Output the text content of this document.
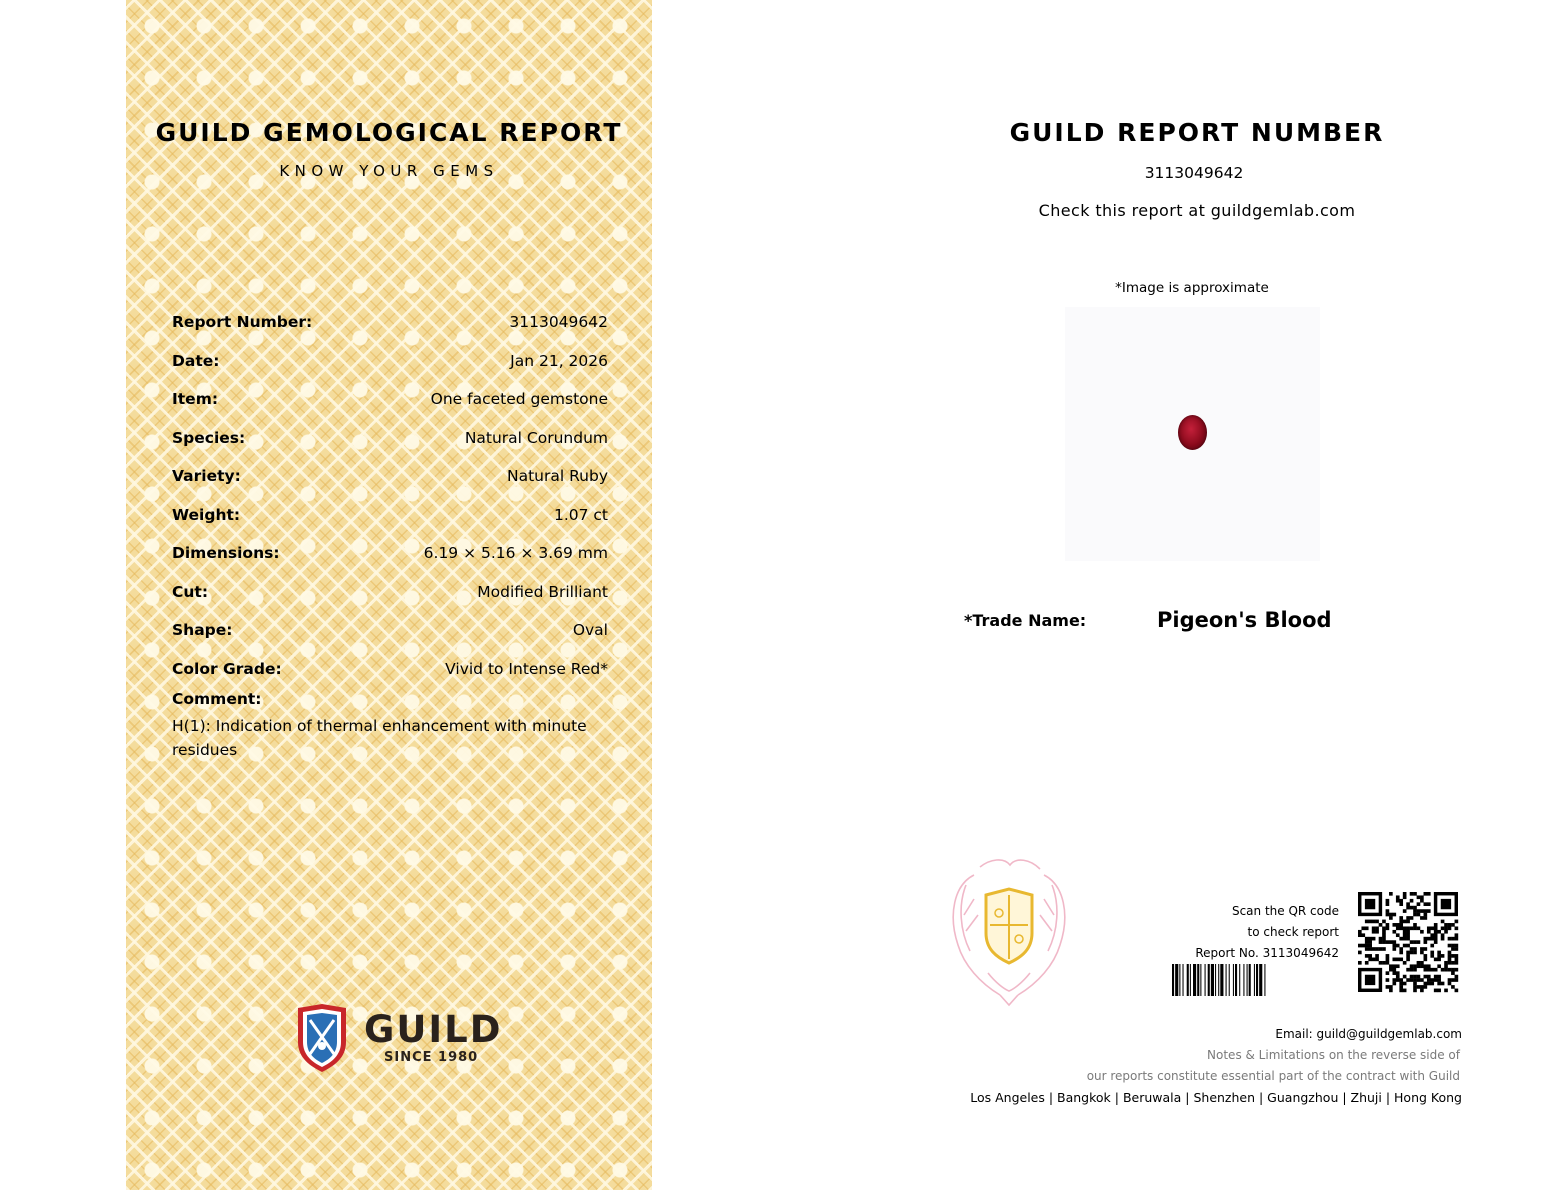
GUILD GEMOLOGICAL REPORT
KNOW YOUR GEMS
Report Number:	3113049642
Date:	Jan 21, 2026
Item:	One faceted gemstone
Species:	Natural Corundum
Variety:	Natural Ruby
Weight:	1.07 ct
Dimensions:	6.19 × 5.16 × 3.69 mm
Cut:	Modified Brilliant
Shape:	Oval
Color Grade:	Vivid to Intense Red*
Comment:
H(1): Indication of thermal enhancement with minute residues
GUILD
SINCE 1980
GUILD REPORT NUMBER
3113049642
Check this report at guildgemlab.com
*Image is approximate
*Trade Name:	Pigeon's Blood
Scan the QR code
to check report
Report No. 3113049642
Email: guild@guildgemlab.com
Notes & Limitations on the reverse side of
our reports constitute essential part of the contract with Guild
Los Angeles | Bangkok | Beruwala | Shenzhen | Guangzhou | Zhuji | Hong Kong
